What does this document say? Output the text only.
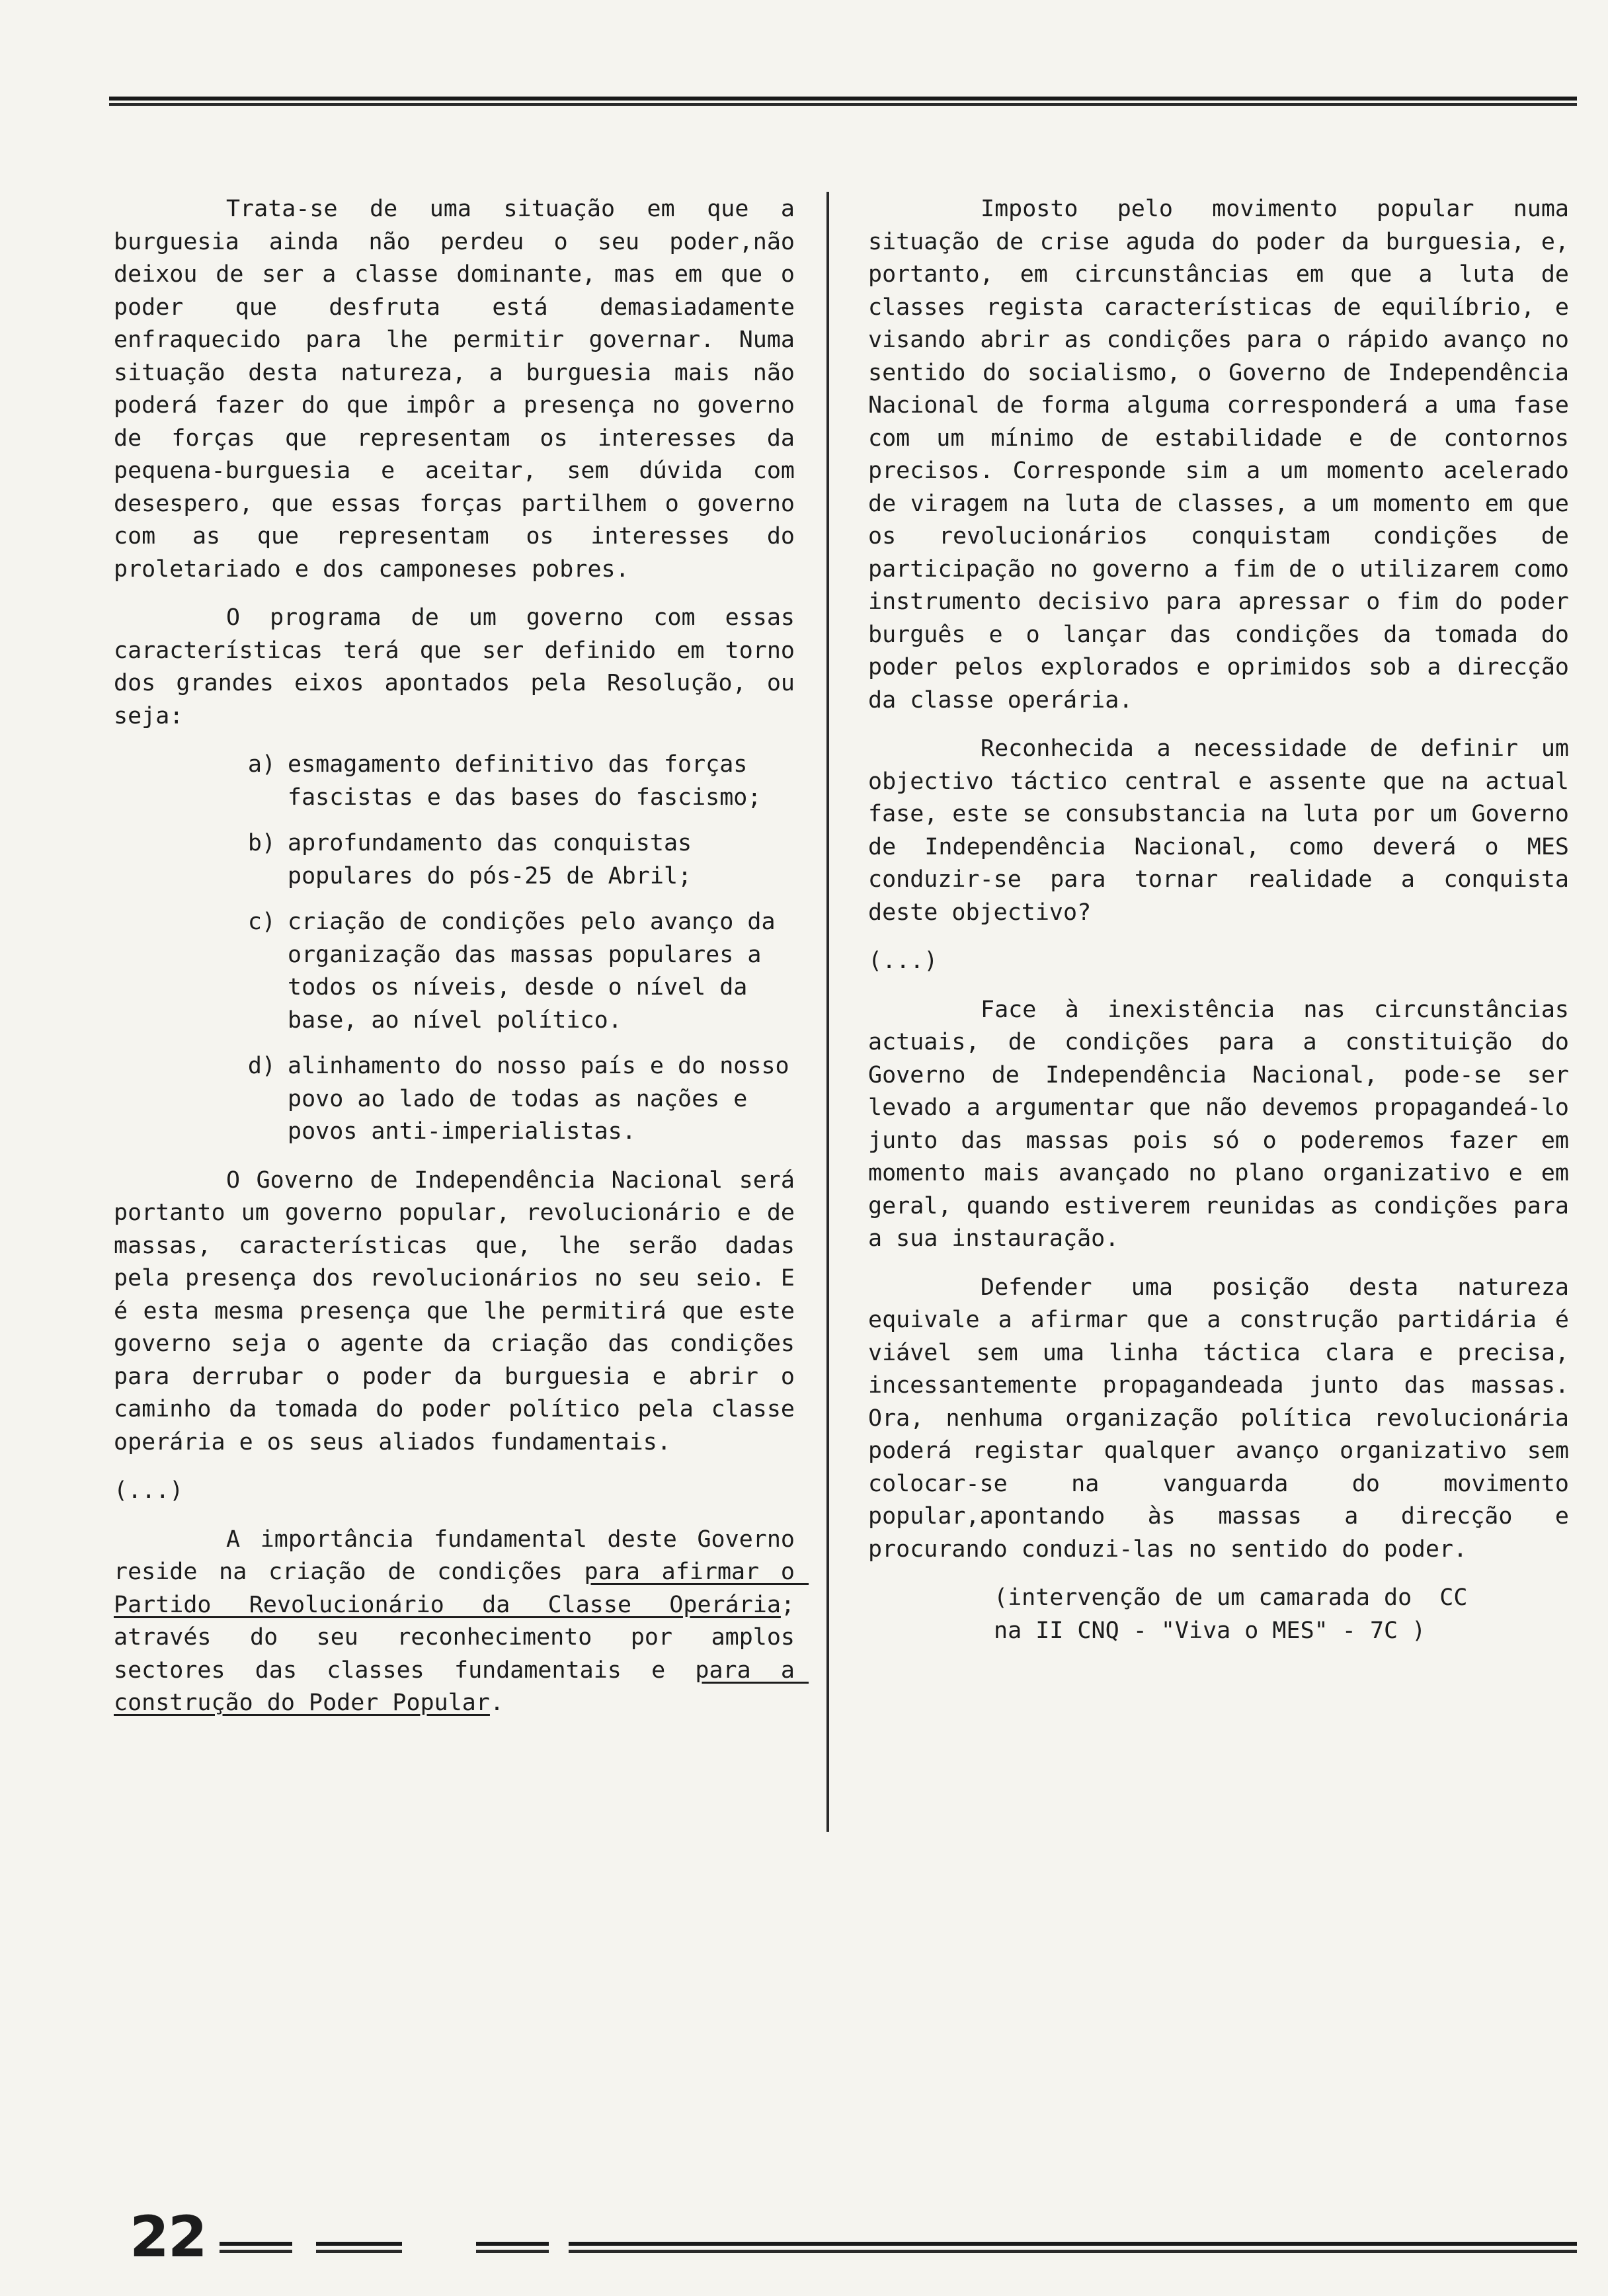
Trata-se de uma situação em que a burguesia ainda não perdeu o seu poder,não deixou de ser a classe dominante, mas em que o poder que desfruta está demasiadamente enfraquecido para lhe permitir governar. Numa situação desta natureza, a burguesia mais não poderá fazer do que impôr a presença no governo de forças que representam os interesses da pequena-burguesia e aceitar, sem dúvida com desespero, que essas forças partilhem o governo com as que representam os interesses do proletariado e dos camponeses pobres.

O programa de um governo com essas características terá que ser definido em torno dos grandes eixos apontados pela Resolução, ou seja:

a) esmagamento definitivo das forças fascistas e das bases do fascismo;
b) aprofundamento das conquistas populares do pós-25 de Abril;
c) criação de condições pelo avanço da organização das massas populares a todos os níveis, desde o nível da base, ao nível político.
d) alinhamento do nosso país e do nosso povo ao lado de todas as nações e povos anti-imperialistas.

O Governo de Independência Nacional será portanto um governo popular, revolucionário e de massas, características que, lhe serão dadas pela presença dos revolucionários no seu seio. E é esta mesma presença que lhe permitirá que este governo seja o agente da criação das condições para derrubar o poder da burguesia e abrir o caminho da tomada do poder político pela classe operária e os seus aliados fundamentais.

(...)

A importância fundamental deste Governo reside na criação de condições para afirmar o Partido Revolucionário da Classe Operária; através do seu reconhecimento por amplos sectores das classes fundamentais e para a construção do Poder Popular.

Imposto pelo movimento popular numa situação de crise aguda do poder da burguesia, e, portanto, em circunstâncias em que a luta de classes regista características de equilíbrio, e visando abrir as condições para o rápido avanço no sentido do socialismo, o Governo de Independência Nacional de forma alguma corresponderá a uma fase com um mínimo de estabilidade e de contornos precisos. Corresponde sim a um momento acelerado de viragem na luta de classes, a um momento em que os revolucionários conquistam condições de participação no governo a fim de o utilizarem como instrumento decisivo para apressar o fim do poder burguês e o lançar das condições da tomada do poder pelos explorados e oprimidos sob a direcção da classe operária.

Reconhecida a necessidade de definir um objectivo táctico central e assente que na actual fase, este se consubstancia na luta por um Governo de Independência Nacional, como deverá o MES conduzir-se para tornar realidade a conquista deste objectivo?

(...)

Face à inexistência nas circunstâncias actuais, de condições para a constituição do Governo de Independência Nacional, pode-se ser levado a argumentar que não devemos propagandeá-lo junto das massas pois só o poderemos fazer em momento mais avançado no plano organizativo e em geral, quando estiverem reunidas as condições para a sua instauração.

Defender uma posição desta natureza equivale a afirmar que a construção partidária é viável sem uma linha táctica clara e precisa, incessantemente propagandeada junto das massas. Ora, nenhuma organização política revolucionária poderá registar qualquer avanço organizativo sem colocar-se na vanguarda do movimento popular,apontando às massas a direcção e procurando conduzi-las no sentido do poder.

(intervenção de um camarada do  CC
na II CNQ - "Viva o MES" - 7C )
22
